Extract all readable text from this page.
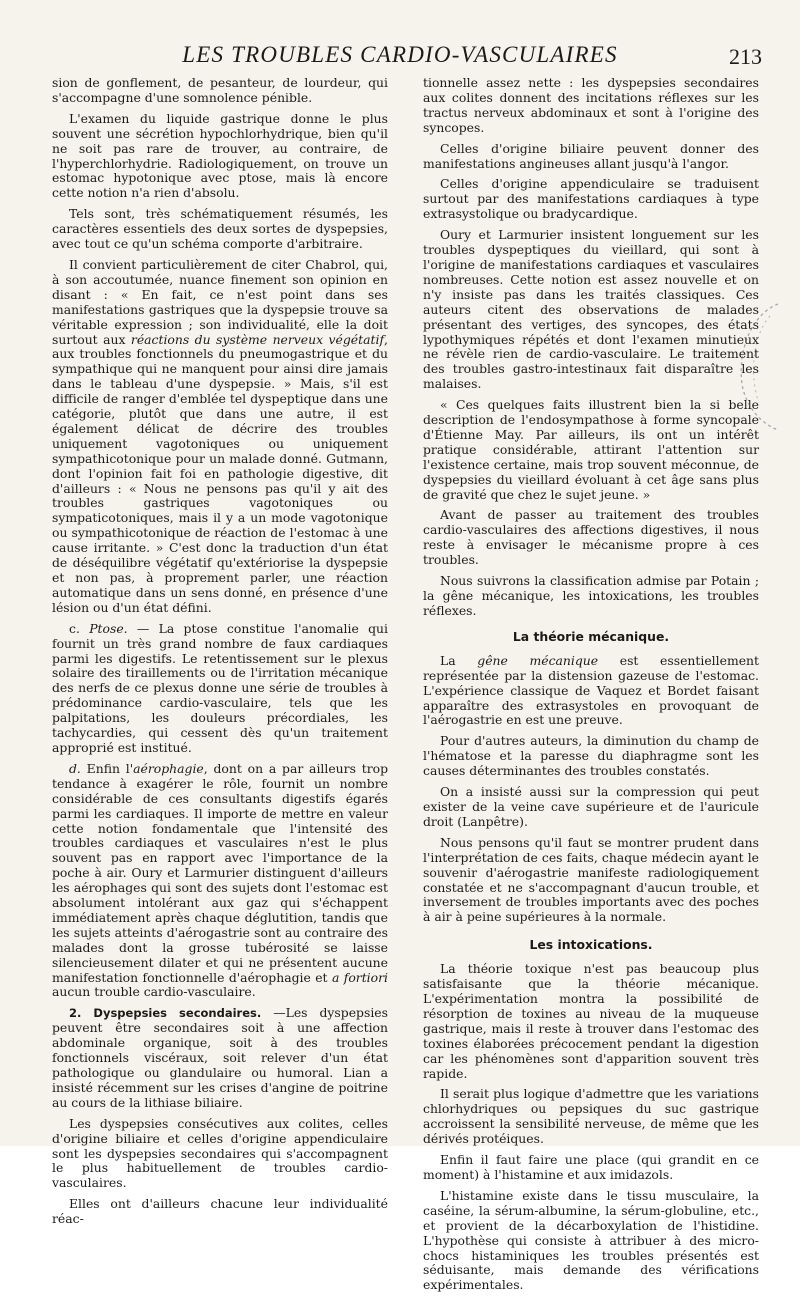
LES TROUBLES CARDIO-VASCULAIRES	213

sion de gonflement, de pesanteur, de lourdeur, qui s'accompagne d'une somnolence pénible.

L'examen du liquide gastrique donne le plus souvent une sécrétion hypochlorhydrique, bien qu'il ne soit pas rare de trouver, au contraire, de l'hyperchlorhydrie. Radiologiquement, on trouve un estomac hypotonique avec ptose, mais là encore cette notion n'a rien d'absolu.

Tels sont, très schématiquement résumés, les caractères essentiels des deux sortes de dyspepsies, avec tout ce qu'un schéma comporte d'arbitraire.

Il convient particulièrement de citer Chabrol, qui, à son accoutumée, nuance finement son opinion en disant : « En fait, ce n'est point dans ses manifestations gastriques que la dyspepsie trouve sa véritable expression ; son individualité, elle la doit surtout aux réactions du système nerveux végétatif, aux troubles fonctionnels du pneumogastrique et du sympathique qui ne manquent pour ainsi dire jamais dans le tableau d'une dyspepsie. » Mais, s'il est difficile de ranger d'emblée tel dyspeptique dans une catégorie, plutôt que dans une autre, il est également délicat de décrire des troubles uniquement vagotoniques ou uniquement sympathicotonique pour un malade donné. Gutmann, dont l'opinion fait foi en pathologie digestive, dit d'ailleurs : « Nous ne pensons pas qu'il y ait des troubles gastriques vagotoniques ou sympaticotoniques, mais il y a un mode vagotonique ou sympathicotonique de réaction de l'estomac à une cause irritante. » C'est donc la traduction d'un état de déséquilibre végétatif qu'extériorise la dyspepsie et non pas, à proprement parler, une réaction automatique dans un sens donné, en présence d'une lésion ou d'un état défini.

c. Ptose. — La ptose constitue l'anomalie qui fournit un très grand nombre de faux cardiaques parmi les digestifs. Le retentissement sur le plexus solaire des tiraillements ou de l'irritation mécanique des nerfs de ce plexus donne une série de troubles à prédominance cardio-vasculaire, tels que les palpitations, les douleurs précordiales, les tachycardies, qui cessent dès qu'un traitement approprié est institué.

d. Enfin l'aérophagie, dont on a par ailleurs trop tendance à exagérer le rôle, fournit un nombre considérable de ces consultants digestifs égarés parmi les cardiaques. Il importe de mettre en valeur cette notion fondamentale que l'intensité des troubles cardiaques et vasculaires n'est le plus souvent pas en rapport avec l'importance de la poche à air. Oury et Larmurier distinguent d'ailleurs les aérophages qui sont des sujets dont l'estomac est absolument intolérant aux gaz qui s'échappent immédiatement après chaque déglutition, tandis que les sujets atteints d'aérogastrie sont au contraire des malades dont la grosse tubérosité se laisse silencieusement dilater et qui ne présentent aucune manifestation fonctionnelle d'aérophagie et a fortiori aucun trouble cardio-vasculaire.

2. Dyspepsies secondaires. —Les dyspepsies peuvent être secondaires soit à une affection abdominale organique, soit à des troubles fonctionnels viscéraux, soit relever d'un état pathologique ou glandulaire ou humoral. Lian a insisté récemment sur les crises d'angine de poitrine au cours de la lithiase biliaire.

Les dyspepsies consécutives aux colites, celles d'origine biliaire et celles d'origine appendiculaire sont les dyspepsies secondaires qui s'accompagnent le plus habituellement de troubles cardio-vasculaires.

Elles ont d'ailleurs chacune leur individualité réac-

tionnelle assez nette : les dyspepsies secondaires aux colites donnent des incitations réflexes sur les tractus nerveux abdominaux et sont à l'origine des syncopes.

Celles d'origine biliaire peuvent donner des manifestations angineuses allant jusqu'à l'angor.

Celles d'origine appendiculaire se traduisent surtout par des manifestations cardiaques à type extrasystolique ou bradycardique.

Oury et Larmurier insistent longuement sur les troubles dyspeptiques du vieillard, qui sont à l'origine de manifestations cardiaques et vasculaires nombreuses. Cette notion est assez nouvelle et on n'y insiste pas dans les traités classiques. Ces auteurs citent des observations de malades présentant des vertiges, des syncopes, des états lypothymiques répétés et dont l'examen minutieux ne révèle rien de cardio-vasculaire. Le traitement des troubles gastro-intestinaux fait disparaître les malaises.

« Ces quelques faits illustrent bien la si belle description de l'endosympathose à forme syncopale d'Étienne May. Par ailleurs, ils ont un intérêt pratique considérable, attirant l'attention sur l'existence certaine, mais trop souvent méconnue, de dyspepsies du vieillard évoluant à cet âge sans plus de gravité que chez le sujet jeune. »

Avant de passer au traitement des troubles cardio-vasculaires des affections digestives, il nous reste à envisager le mécanisme propre à ces troubles.

Nous suivrons la classification admise par Potain ; la gêne mécanique, les intoxications, les troubles réflexes.

La théorie mécanique.

La gêne mécanique est essentiellement représentée par la distension gazeuse de l'estomac. L'expérience classique de Vaquez et Bordet faisant apparaître des extrasystoles en provoquant de l'aérogastrie en est une preuve.

Pour d'autres auteurs, la diminution du champ de l'hématose et la paresse du diaphragme sont les causes déterminantes des troubles constatés.

On a insisté aussi sur la compression qui peut exister de la veine cave supérieure et de l'auricule droit (Lanpêtre).

Nous pensons qu'il faut se montrer prudent dans l'interprétation de ces faits, chaque médecin ayant le souvenir d'aérogastrie manifeste radiologiquement constatée et ne s'accompagnant d'aucun trouble, et inversement de troubles importants avec des poches à air à peine supérieures à la normale.

Les intoxications.

La théorie toxique n'est pas beaucoup plus satisfaisante que la théorie mécanique. L'expérimentation montra la possibilité de résorption de toxines au niveau de la muqueuse gastrique, mais il reste à trouver dans l'estomac des toxines élaborées précocement pendant la digestion car les phénomènes sont d'apparition souvent très rapide.

Il serait plus logique d'admettre que les variations chlorhydriques ou pepsiques du suc gastrique accroissent la sensibilité nerveuse, de même que les dérivés protéiques.

Enfin il faut faire une place (qui grandit en ce moment) à l'histamine et aux imidazols.

L'histamine existe dans le tissu musculaire, la caséine, la sérum-albumine, la sérum-globuline, etc., et provient de la décarboxylation de l'histidine. L'hypothèse qui consiste à attribuer à des micro-chocs histaminiques les troubles présentés est séduisante, mais demande des vérifications expérimentales.
